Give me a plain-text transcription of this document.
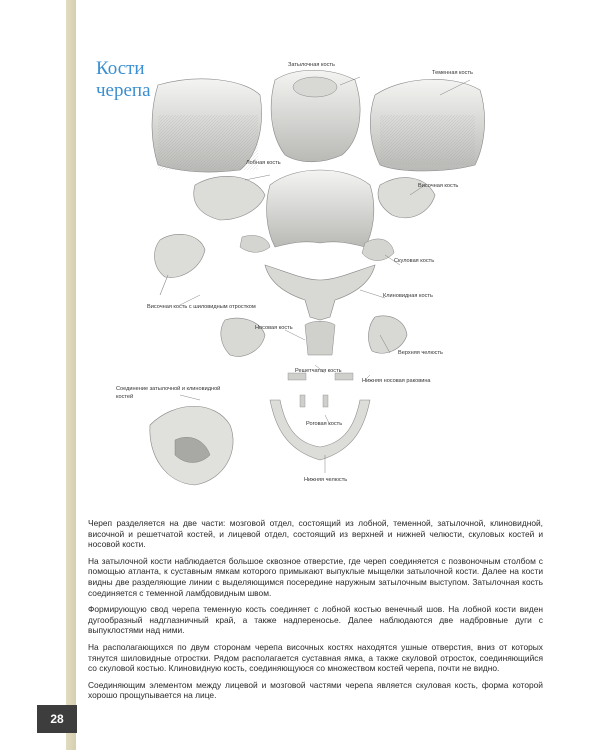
Кости
черепа
Затылочная кость
Теменная кость
Лобная кость
Височная кость
Скуловая кость
Клиновидная кость
Височная кость с шиловидным отростком
Носовая кость
Верхняя челюсть
Решетчатая кость
Нижняя носовая раковина
Соединение затылочной и клиновидной
костей
Роговая кость
Нижняя челюсть

Череп разделяется на две части: мозговой отдел, состоящий из лобной, теменной, затылочной, клиновидной, височной и решетчатой костей, и лицевой отдел, состоящий из верхней и нижней челюсти, скуловых костей и носовой кости.

На затылочной кости наблюдается большое сквозное отверстие, где череп соединяется с позвоночным столбом с помощью атланта, к суставным ямкам которого примыкают выпуклые мыщелки затылочной кости. Далее на кости видны две разделяющие линии с выделяющимся посередине наружным затылочным выступом. Затылочная кость соединяется с теменной ламбдовидным швом.

Формирующую свод черепа теменную кость соединяет с лобной костью венечный шов. На лобной кости виден дугообразный надглазничный край, а также надпереносье. Далее наблюдаются две надбровные дуги с выпуклостями над ними.

На располагающихся по двум сторонам черепа височных костях находятся ушные отверстия, вниз от которых тянутся шиловидные отростки. Рядом располагается суставная ямка, а также скуловой отросток, соединяющийся со скуловой костью. Клиновидную кость, соединяющуюся со множеством костей черепа, почти не видно.

Соединяющим элементом между лицевой и мозговой частями черепа является скуловая кость, форма которой хорошо прощупывается на лице.

28
